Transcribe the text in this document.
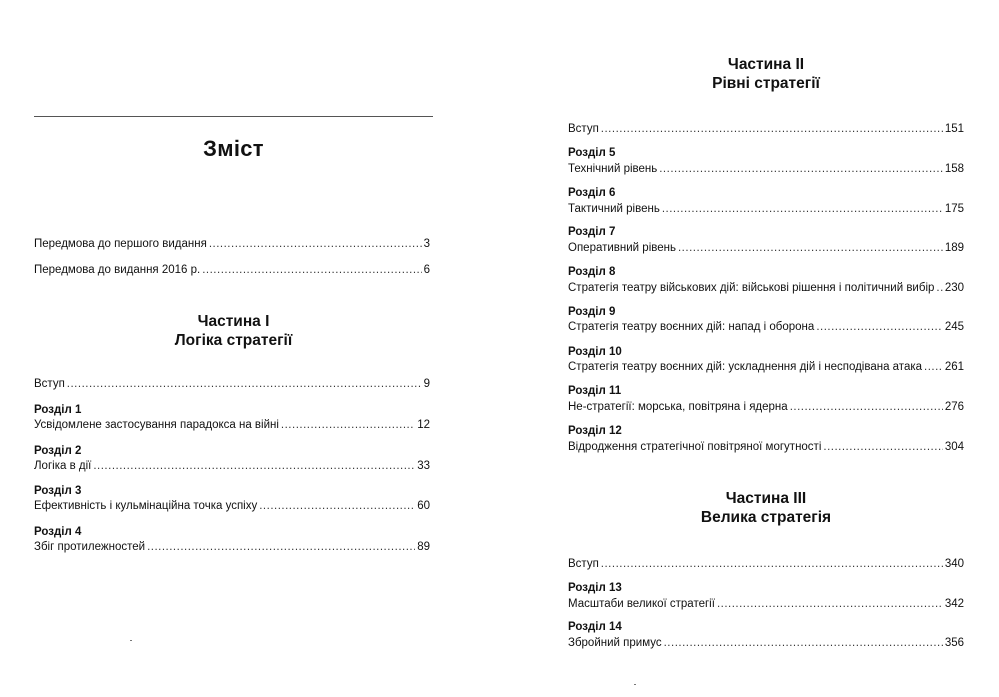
Зміст
Передмова до першого видання .....	3
Передмова до видання 2016 р. .....	6
Частина I
Логіка стратегії
Вступ .....	9
Розділ 1
Усвідомлене застосування парадокса на війні .....	12
Розділ 2
Логіка в дії .....	33
Розділ 3
Ефективність і кульмінаційна точка успіху .....	60
Розділ 4
Збіг протилежностей .....	89
Частина II
Рівні стратегії
Вступ .....	151
Розділ 5
Технічний рівень .....	158
Розділ 6
Тактичний рівень .....	175
Розділ 7
Оперативний рівень .....	189
Розділ 8
Стратегія театру військових дій: військові рішення і політичний вибір ..... 230
Розділ 9
Стратегія театру воєнних дій: напад і оборона .....	245
Розділ 10
Стратегія театру воєнних дій: ускладнення дій і несподівана атака ..... 261
Розділ 11
Не-стратегії: морська, повітряна і ядерна .....	276
Розділ 12
Відродження стратегічної повітряної могутності .....	304
Частина III
Велика стратегія
Вступ .....	340
Розділ 13
Масштаби великої стратегії .....	342
Розділ 14
Збройний примус .....	356
